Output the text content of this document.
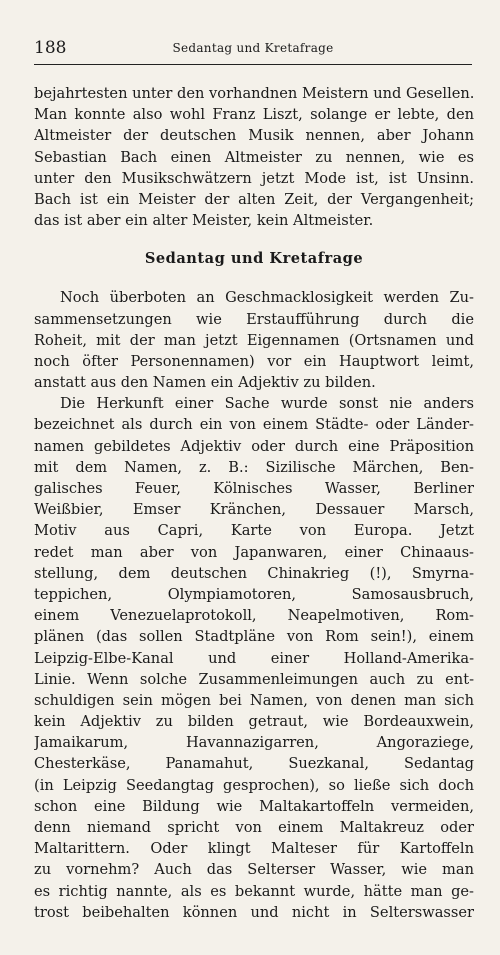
188	Sedantag und Kretafrage
bejahrtesten unter den vorhandnen Meistern und Gesellen.
Man konnte also wohl Franz Liszt, solange er lebte, den
Altmeister der deutschen Musik nennen, aber Johann
Sebastian Bach einen Altmeister zu nennen, wie es
unter den Musikschwätzern jetzt Mode ist, ist Unsinn.
Bach ist ein Meister der alten Zeit, der Vergangenheit;
das ist aber ein alter Meister, kein Altmeister.
Sedantag und Kretafrage
Noch überboten an Geschmacklosigkeit werden Zu-
sammensetzungen wie Erstaufführung durch die
Roheit, mit der man jetzt Eigennamen (Ortsnamen und
noch öfter Personennamen) vor ein Hauptwort leimt,
anstatt aus den Namen ein Adjektiv zu bilden.
Die Herkunft einer Sache wurde sonst nie anders
bezeichnet als durch ein von einem Städte- oder Länder-
namen gebildetes Adjektiv oder durch eine Präposition
mit dem Namen, z. B.: Sizilische Märchen, Ben-
galisches Feuer, Kölnisches Wasser, Berliner
Weißbier, Emser Kränchen, Dessauer Marsch,
Motiv aus Capri, Karte von Europa. Jetzt
redet man aber von Japanwaren, einer Chinaaus-
stellung, dem deutschen Chinakrieg (!), Smyrna-
teppichen, Olympiamotoren, Samosausbruch,
einem Venezuelaprotokoll, Neapelmotiven, Rom-
plänen (das sollen Stadtpläne von Rom sein!), einem
Leipzig-Elbe-Kanal und einer Holland-Amerika-
Linie. Wenn solche Zusammenleimungen auch zu ent-
schuldigen sein mögen bei Namen, von denen man sich
kein Adjektiv zu bilden getraut, wie Bordeauxwein,
Jamaikarum, Havannazigarren, Angoraziege,
Chesterkäse, Panamahut, Suezkanal, Sedantag
(in Leipzig Seedangtag gesprochen), so ließe sich doch
schon eine Bildung wie Maltakartoffeln vermeiden,
denn niemand spricht von einem Maltakreuz oder
Maltarittern. Oder klingt Malteser für Kartoffeln
zu vornehm? Auch das Selterser Wasser, wie man
es richtig nannte, als es bekannt wurde, hätte man ge-
trost beibehalten können und nicht in Selterswasser
